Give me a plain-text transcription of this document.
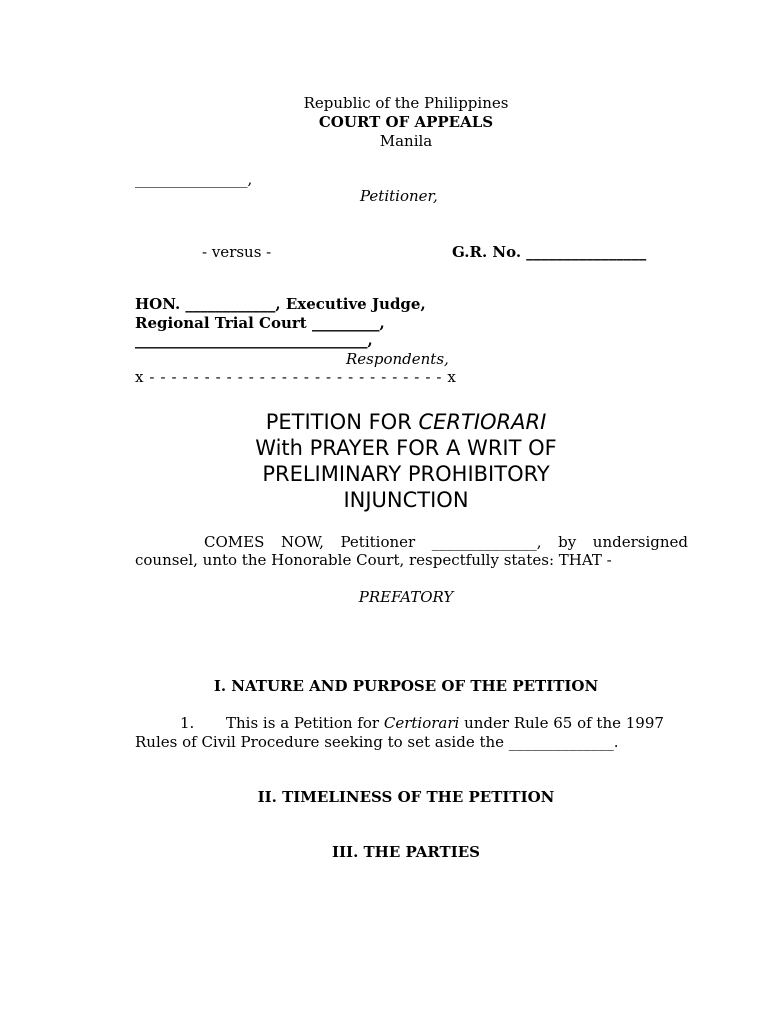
Republic of the Philippines
COURT OF APPEALS
Manila
_______________,
Petitioner,
- versus -	G.R. No. ________________
HON. ____________, Executive Judge,
Regional Trial Court _________,
_______________________________,
Respondents,
x - - - - - - - - - - - - - - - - - - - - - - - - - - - x
PETITION FOR CERTIORARI
With PRAYER FOR A WRIT OF
PRELIMINARY PROHIBITORY
INJUNCTION
COMES NOW, Petitioner ______________, by undersigned
counsel, unto the Honorable Court, respectfully states: THAT -
PREFATORY
I. NATURE AND PURPOSE OF THE PETITION
1. This is a Petition for Certiorari under Rule 65 of the 1997
Rules of Civil Procedure seeking to set aside the ______________.
II. TIMELINESS OF THE PETITION
III. THE PARTIES
